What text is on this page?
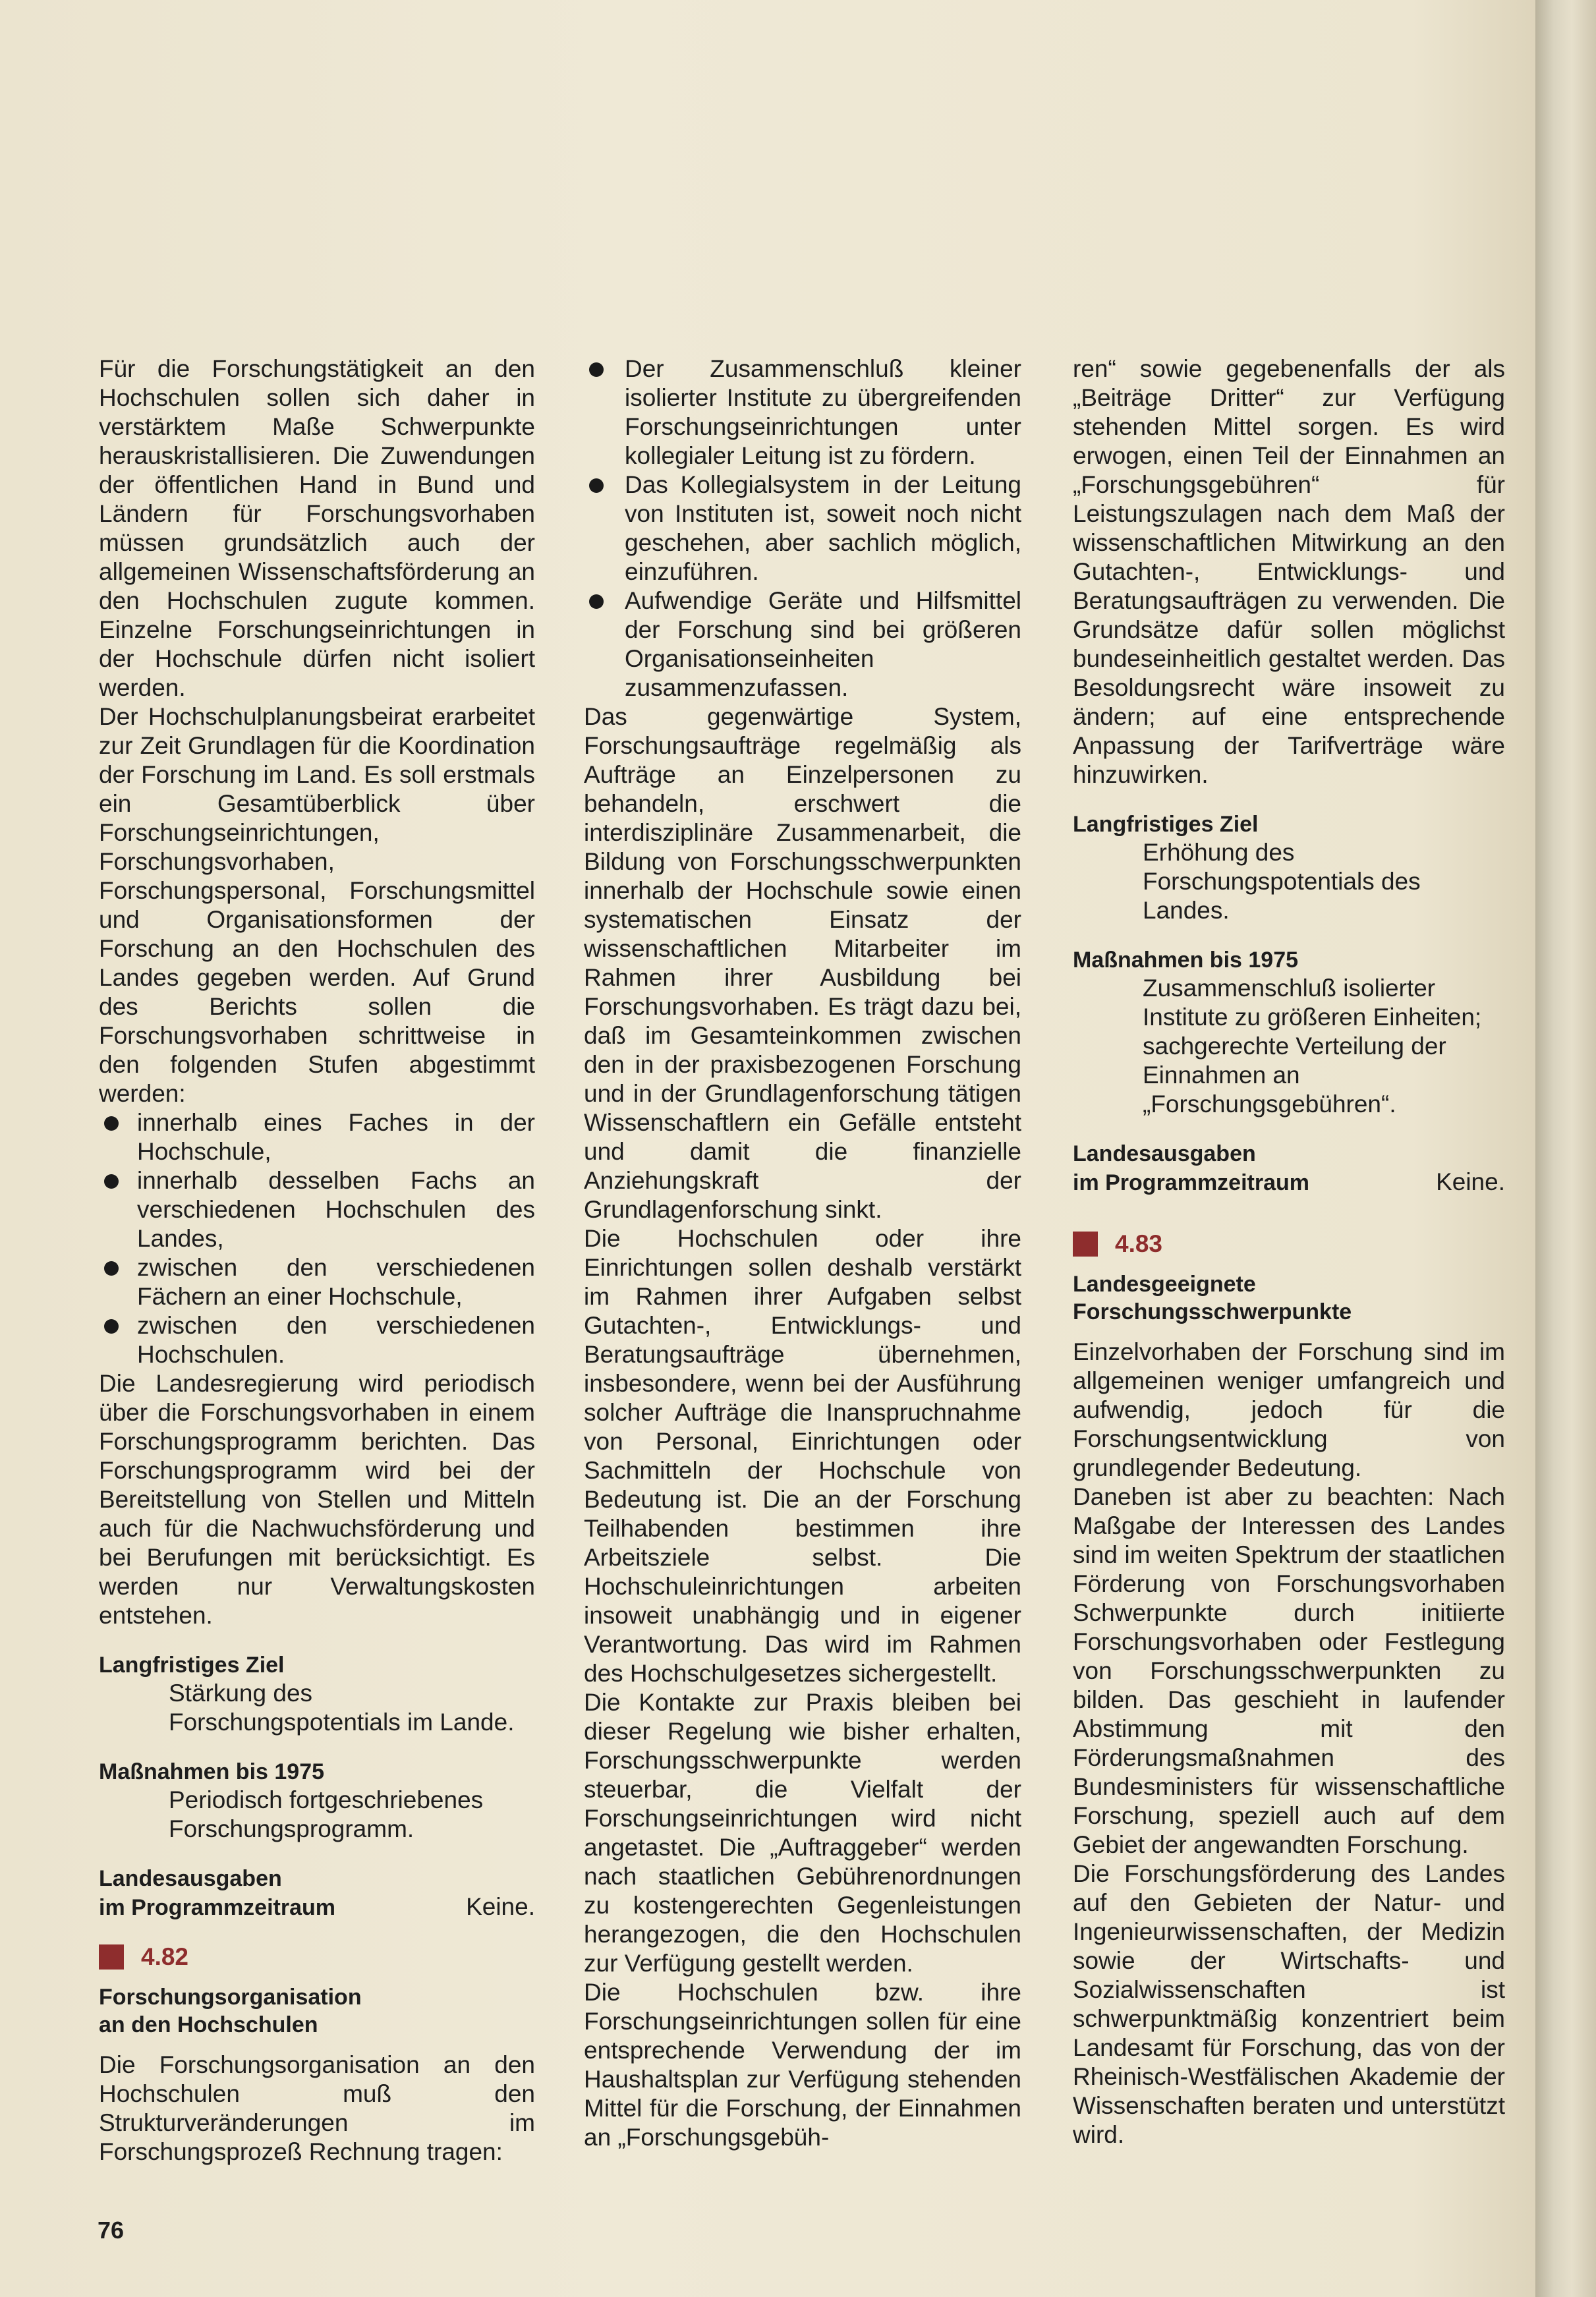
Für die Forschungstätigkeit an den Hochschulen sollen sich daher in verstärktem Maße Schwerpunkte herauskristallisieren. Die Zuwendungen der öffentlichen Hand in Bund und Ländern für Forschungsvorhaben müssen grundsätzlich auch der allgemeinen Wissenschaftsförderung an den Hochschulen zugute kommen. Einzelne Forschungseinrichtungen in der Hochschule dürfen nicht isoliert werden.

Der Hochschulplanungsbeirat erarbeitet zur Zeit Grundlagen für die Koordination der Forschung im Land. Es soll erstmals ein Gesamtüberblick über Forschungseinrichtungen, Forschungsvorhaben, Forschungspersonal, Forschungsmittel und Organisationsformen der Forschung an den Hochschulen des Landes gegeben werden. Auf Grund des Berichts sollen die Forschungsvorhaben schrittweise in den folgenden Stufen abgestimmt werden:

innerhalb eines Faches in der Hochschule,
innerhalb desselben Fachs an verschiedenen Hochschulen des Landes,
zwischen den verschiedenen Fächern an einer Hochschule,
zwischen den verschiedenen Hochschulen.

Die Landesregierung wird periodisch über die Forschungsvorhaben in einem Forschungsprogramm berichten. Das Forschungsprogramm wird bei der Bereitstellung von Stellen und Mitteln auch für die Nachwuchsförderung und bei Berufungen mit berücksichtigt. Es werden nur Verwaltungskosten entstehen.

Langfristiges Ziel

Stärkung des Forschungspotentials im Lande.

Maßnahmen bis 1975

Periodisch fortgeschriebenes Forschungsprogramm.

Landesausgaben
im Programmzeitraum	Keine.
4.82
Forschungsorganisation
an den Hochschulen

Die Forschungsorganisation an den Hochschulen muß den Strukturveränderungen im Forschungsprozeß Rechnung tragen:

Der Zusammenschluß kleiner isolierter Institute zu übergreifenden Forschungseinrichtungen unter kollegialer Leitung ist zu fördern.
Das Kollegialsystem in der Leitung von Instituten ist, soweit noch nicht geschehen, aber sachlich möglich, einzuführen.
Aufwendige Geräte und Hilfsmittel der Forschung sind bei größeren Organisationseinheiten zusammenzufassen.

Das gegenwärtige System, Forschungsaufträge regelmäßig als Aufträge an Einzelpersonen zu behandeln, erschwert die interdisziplinäre Zusammenarbeit, die Bildung von Forschungsschwerpunkten innerhalb der Hochschule sowie einen systematischen Einsatz der wissenschaftlichen Mitarbeiter im Rahmen ihrer Ausbildung bei Forschungsvorhaben. Es trägt dazu bei, daß im Gesamteinkommen zwischen den in der praxisbezogenen Forschung und in der Grundlagenforschung tätigen Wissenschaftlern ein Gefälle entsteht und damit die finanzielle Anziehungskraft der Grundlagenforschung sinkt.

Die Hochschulen oder ihre Einrichtungen sollen deshalb verstärkt im Rahmen ihrer Aufgaben selbst Gutachten-, Entwicklungs- und Beratungsaufträge übernehmen, insbesondere, wenn bei der Ausführung solcher Aufträge die Inanspruchnahme von Personal, Einrichtungen oder Sachmitteln der Hochschule von Bedeutung ist. Die an der Forschung Teilhabenden bestimmen ihre Arbeitsziele selbst. Die Hochschuleinrichtungen arbeiten insoweit unabhängig und in eigener Verantwortung. Das wird im Rahmen des Hochschulgesetzes sichergestellt.

Die Kontakte zur Praxis bleiben bei dieser Regelung wie bisher erhalten, Forschungsschwerpunkte werden steuerbar, die Vielfalt der Forschungseinrichtungen wird nicht angetastet. Die „Auftraggeber“ werden nach staatlichen Gebührenordnungen zu kostengerechten Gegenleistungen herangezogen, die den Hochschulen zur Verfügung gestellt werden.

Die Hochschulen bzw. ihre Forschungseinrichtungen sollen für eine entsprechende Verwendung der im Haushaltsplan zur Verfügung stehenden Mittel für die Forschung, der Einnahmen an „Forschungsgebüh-

ren“ sowie gegebenenfalls der als „Beiträge Dritter“ zur Verfügung stehenden Mittel sorgen. Es wird erwogen, einen Teil der Einnahmen an „Forschungsgebühren“ für Leistungszulagen nach dem Maß der wissenschaftlichen Mitwirkung an den Gutachten-, Entwicklungs- und Beratungsaufträgen zu verwenden. Die Grundsätze dafür sollen möglichst bundeseinheitlich gestaltet werden. Das Besoldungsrecht wäre insoweit zu ändern; auf eine entsprechende Anpassung der Tarifverträge wäre hinzuwirken.

Langfristiges Ziel

Erhöhung des Forschungspotentials des Landes.

Maßnahmen bis 1975

Zusammenschluß isolierter Institute zu größeren Einheiten; sachgerechte Verteilung der Einnahmen an „Forschungsgebühren“.

Landesausgaben
im Programmzeitraum	Keine.
4.83
Landesgeeignete
Forschungsschwerpunkte

Einzelvorhaben der Forschung sind im allgemeinen weniger umfangreich und aufwendig, jedoch für die Forschungsentwicklung von grundlegender Bedeutung.

Daneben ist aber zu beachten: Nach Maßgabe der Interessen des Landes sind im weiten Spektrum der staatlichen Förderung von Forschungsvorhaben Schwerpunkte durch initiierte Forschungsvorhaben oder Festlegung von Forschungsschwerpunkten zu bilden. Das geschieht in laufender Abstimmung mit den Förderungsmaßnahmen des Bundesministers für wissenschaftliche Forschung, speziell auch auf dem Gebiet der angewandten Forschung.

Die Forschungsförderung des Landes auf den Gebieten der Natur- und Ingenieurwissenschaften, der Medizin sowie der Wirtschafts- und Sozialwissenschaften ist schwerpunktmäßig konzentriert beim Landesamt für Forschung, das von der Rheinisch-Westfälischen Akademie der Wissenschaften beraten und unterstützt wird.

76
